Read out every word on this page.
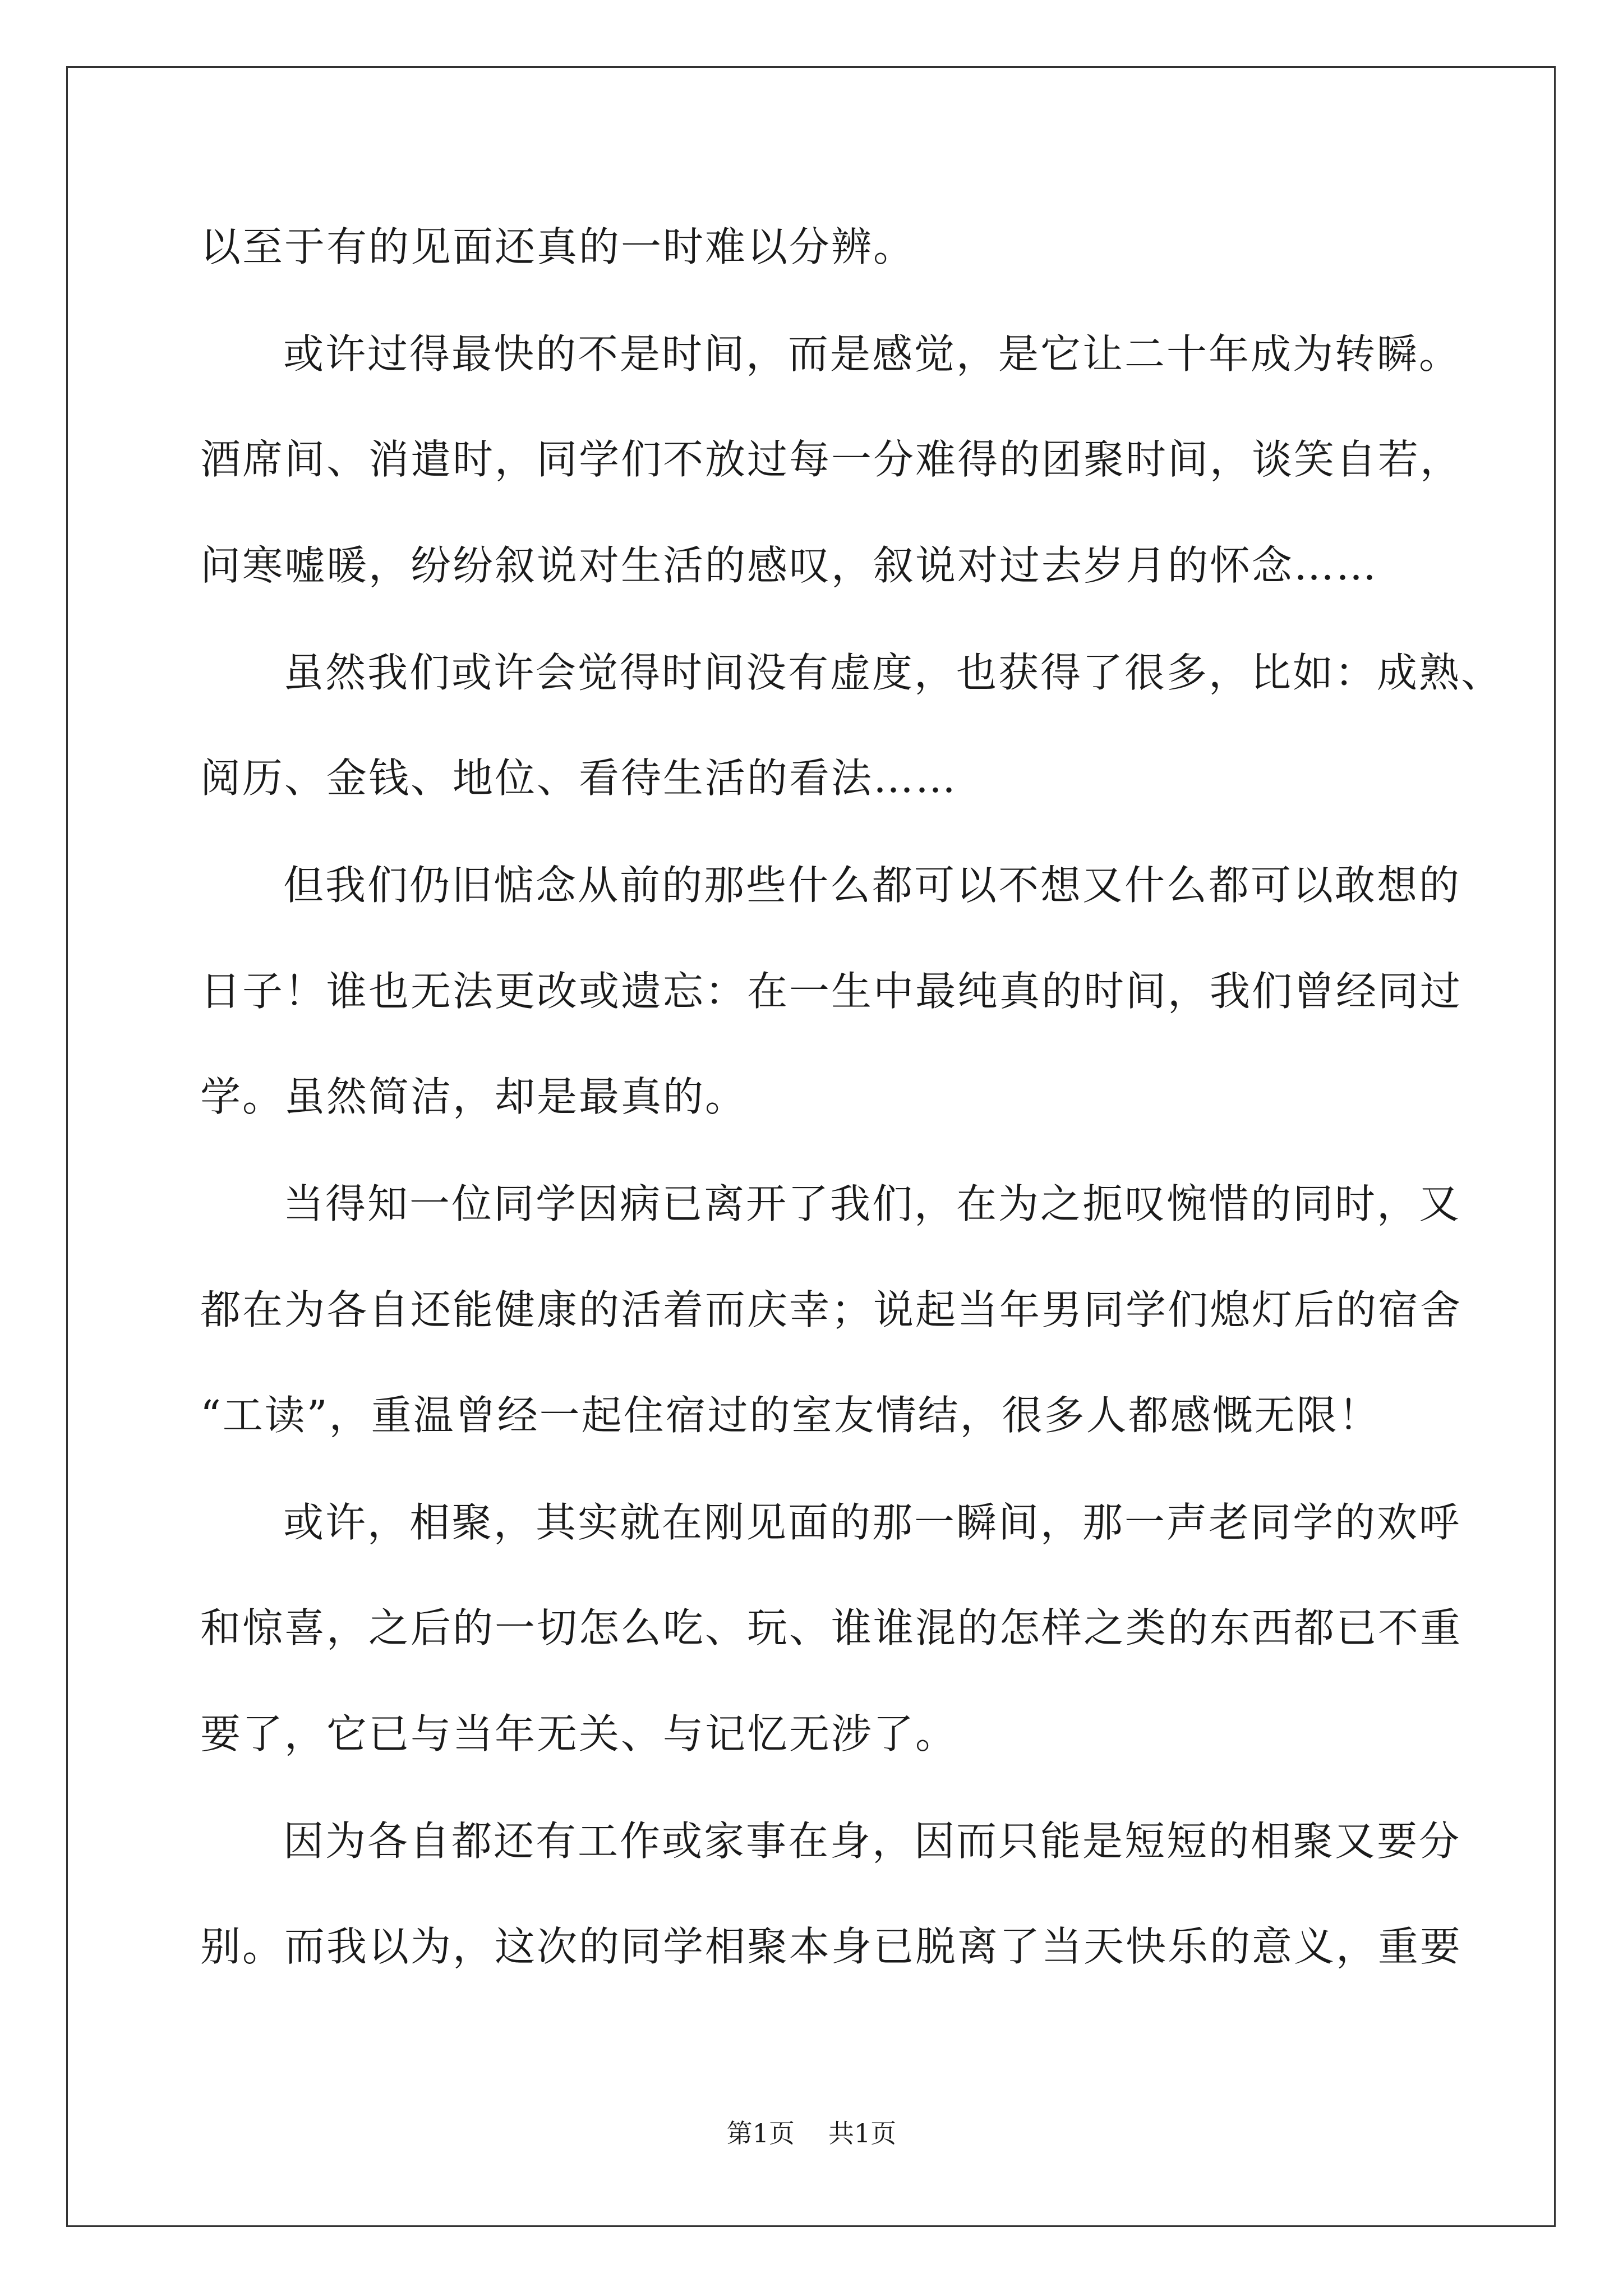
以至于有的见面还真的一时难以分辨。
或许过得最快的不是时间，而是感觉，是它让二十年成为转瞬。
酒席间、消遣时，同学们不放过每一分难得的团聚时间，谈笑自若，
问寒嘘暖，纷纷叙说对生活的感叹，叙说对过去岁月的怀念……
虽然我们或许会觉得时间没有虚度，也获得了很多，比如：成熟、
阅历、金钱、地位、看待生活的看法……
但我们仍旧惦念从前的那些什么都可以不想又什么都可以敢想的
日子！谁也无法更改或遗忘：在一生中最纯真的时间，我们曾经同过
学。虽然简洁，却是最真的。
当得知一位同学因病已离开了我们，在为之扼叹惋惜的同时，又
都在为各自还能健康的活着而庆幸；说起当年男同学们熄灯后的宿舍
“工读”，重温曾经一起住宿过的室友情结，很多人都感慨无限！
或许，相聚，其实就在刚见面的那一瞬间，那一声老同学的欢呼
和惊喜，之后的一切怎么吃、玩、谁谁混的怎样之类的东西都已不重
要了，它已与当年无关、与记忆无涉了。
因为各自都还有工作或家事在身，因而只能是短短的相聚又要分
别。而我以为，这次的同学相聚本身已脱离了当天快乐的意义，重要
第1页 共1页
